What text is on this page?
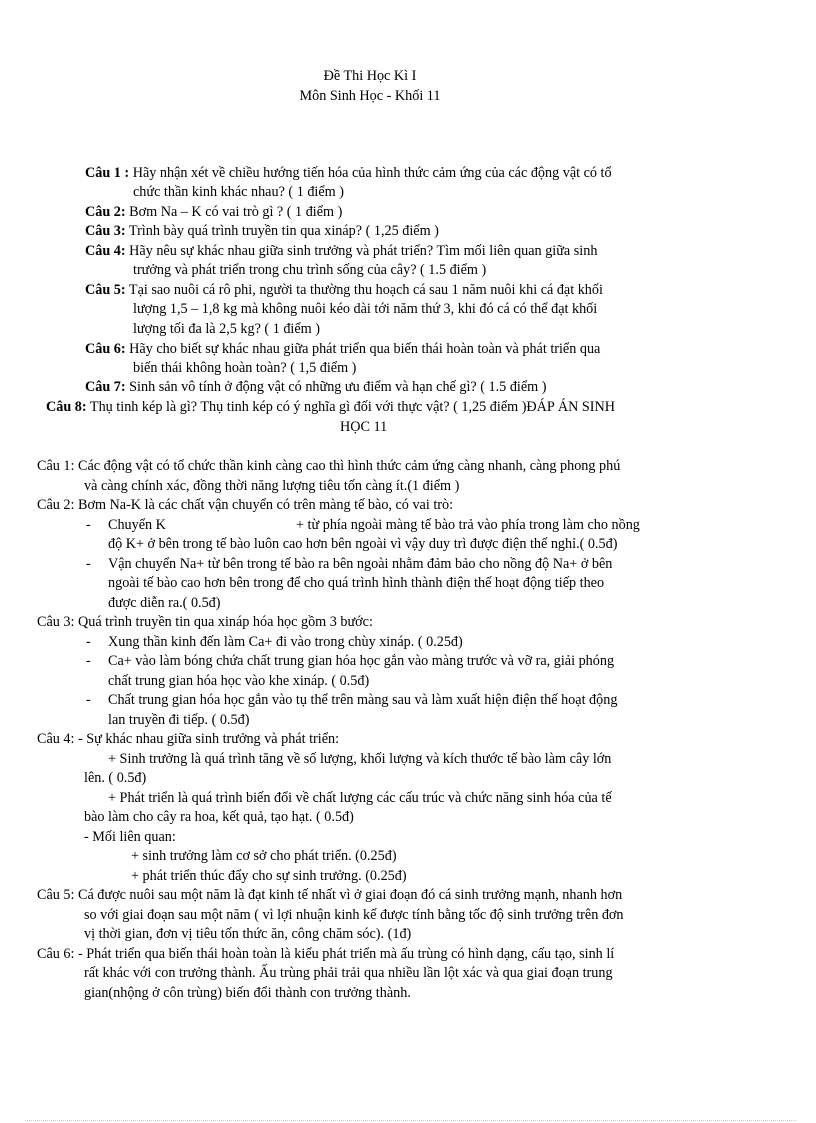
Đề Thi Học Kì I
Môn Sinh Học - Khối 11
Câu 1 : Hãy nhận xét về chiều hướng tiến hóa của hình thức cảm ứng của các động vật có tổ
chức thần kinh khác nhau? ( 1 điểm )
Câu 2: Bơm Na – K có vai trò gì ? ( 1 điểm )
Câu 3: Trình bày quá trình truyền tin qua xináp? ( 1,25 điểm )
Câu 4: Hãy nêu sự khác nhau giữa sinh trưởng và phát triển? Tìm mối liên quan giữa sinh
trưởng và phát triển trong chu trình sống của cây? ( 1.5 điểm )
Câu 5: Tại sao nuôi cá rô phi, người ta thường thu hoạch cá sau 1 năm nuôi khi cá đạt khối
lượng 1,5 – 1,8 kg mà không nuôi kéo dài tới năm thứ 3, khi đó cá có thể đạt khối
lượng tối đa là 2,5 kg? ( 1 điểm )
Câu 6: Hãy cho biết sự khác nhau giữa phát triển qua biến thái hoàn toàn và phát triển qua
biến thái không hoàn toàn? ( 1,5 điểm )
Câu 7: Sinh sản vô tính ở động vật có những ưu điểm và hạn chế gì? ( 1.5 điểm )
Câu 8: Thụ tinh kép là gì? Thụ tinh kép có ý nghĩa gì đối với thực vật? ( 1,25 điểm )ĐÁP ÁN SINH
HỌC 11
Câu 1: Các động vật có tổ chức thần kinh càng cao thì hình thức cảm ứng càng nhanh, càng phong phú
và càng chính xác, đồng thời năng lượng tiêu tốn càng ít.(1 điểm )
Câu 2: Bơm Na-K là các chất vận chuyển có trên màng tế bào, có vai trò:
- Chuyển K	+ từ phía ngoài màng tế bào trả vào phía trong làm cho nồng
độ K+ ở bên trong tế bào luôn cao hơn bên ngoài vì vậy duy trì được điện thế nghỉ.( 0.5đ)
- Vận chuyển Na+ từ bên trong tế bào ra bên ngoài nhằm đảm bảo cho nồng độ Na+ ở bên
ngoài tế bào cao hơn bên trong để cho quá trình hình thành điện thế hoạt động tiếp theo
được diễn ra.( 0.5đ)
Câu 3: Quá trình truyền tin qua xináp hóa học gồm 3 bước:
- Xung thần kinh đến làm Ca+ đi vào trong chùy xináp. ( 0.25đ)
- Ca+ vào làm bóng chứa chất trung gian hóa học gắn vào màng trước và vỡ ra, giải phóng
chất trung gian hóa học vào khe xináp. ( 0.5đ)
- Chất trung gian hóa học gắn vào tụ thể trên màng sau và làm xuất hiện điện thế hoạt động
lan truyền đi tiếp. ( 0.5đ)
Câu 4: - Sự khác nhau giữa sinh trưởng và phát triển:
+ Sinh trưởng là quá trình tăng về số lượng, khối lượng và kích thước tế bào làm cây lớn
lên. ( 0.5đ)
+ Phát triển là quá trình biến đổi về chất lượng các cấu trúc và chức năng sinh hóa của tế
bào làm cho cây ra hoa, kết quả, tạo hạt. ( 0.5đ)
- Mối liên quan:
+ sinh trưởng làm cơ sở cho phát triển. (0.25đ)
+ phát triển thúc đẩy cho sự sinh trưởng. (0.25đ)
Câu 5: Cá được nuôi sau một năm là đạt kinh tế nhất vì ở giai đoạn đó cá sinh trưởng mạnh, nhanh hơn
so với giai đoạn sau một năm ( vì lợi nhuận kinh kế được tính bằng tốc độ sinh trưởng trên đơn
vị thời gian, đơn vị tiêu tốn thức ăn, công chăm sóc). (1đ)
Câu 6: - Phát triển qua biến thái hoàn toàn là kiểu phát triển mà ấu trùng có hình dạng, cấu tạo, sinh lí
rất khác với con trưởng thành. Ấu trùng phải trải qua nhiều lần lột xác và qua giai đoạn trung
gian(nhộng ở côn trùng) biến đổi thành con trưởng thành.
